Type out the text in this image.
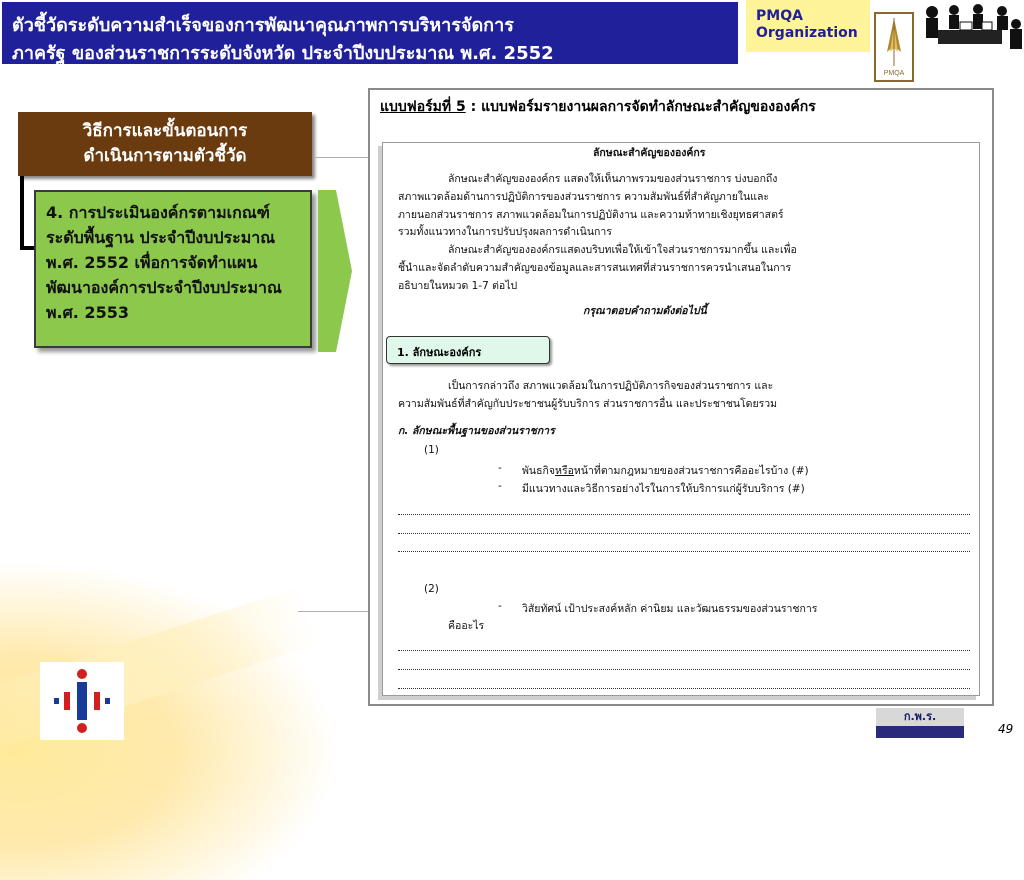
ตัวชี้วัดระดับความสำเร็จของการพัฒนาคุณภาพการบริหารจัดการ
ภาครัฐ ของส่วนราชการระดับจังหวัด ประจำปีงบประมาณ พ.ศ. 2552
PMQA
Organization
PMQA
วิธีการและขั้นตอนการ
ดำเนินการตามตัวชี้วัด
4. การประเมินองค์กรตามเกณฑ์ระดับพื้นฐาน ประจำปีงบประมาณ พ.ศ. 2552 เพื่อการจัดทำแผนพัฒนาองค์การประจำปีงบประมาณ พ.ศ. 2553
แบบฟอร์มที่ 5 : แบบฟอร์มรายงานผลการจัดทำลักษณะสำคัญขององค์กร
ลักษณะสำคัญขององค์กร
ลักษณะสำคัญขององค์กร แสดงให้เห็นภาพรวมของส่วนราชการ บ่งบอกถึง
สภาพแวดล้อมด้านการปฏิบัติการของส่วนราชการ ความสัมพันธ์ที่สำคัญภายในและ
ภายนอกส่วนราชการ สภาพแวดล้อมในการปฏิบัติงาน และความท้าทายเชิงยุทธศาสตร์
รวมทั้งแนวทางในการปรับปรุงผลการดำเนินการ
ลักษณะสำคัญขององค์กรแสดงบริบทเพื่อให้เข้าใจส่วนราชการมากขึ้น และเพื่อ
ชี้นำและจัดลำดับความสำคัญของข้อมูลและสารสนเทศที่ส่วนราชการควรนำเสนอในการ
อธิบายในหมวด 1-7 ต่อไป
กรุณาตอบคำถามดังต่อไปนี้
1. ลักษณะองค์กร
เป็นการกล่าวถึง สภาพแวดล้อมในการปฏิบัติภารกิจของส่วนราชการ และ
ความสัมพันธ์ที่สำคัญกับประชาชนผู้รับบริการ ส่วนราชการอื่น และประชาชนโดยรวม
ก. ลักษณะพื้นฐานของส่วนราชการ
(1)
- พันธกิจหรือหน้าที่ตามกฎหมายของส่วนราชการคืออะไรบ้าง (#)
- มีแนวทางและวิธีการอย่างไรในการให้บริการแก่ผู้รับบริการ (#)
(2)
- วิสัยทัศน์ เป้าประสงค์หลัก ค่านิยม และวัฒนธรรมของส่วนราชการ
คืออะไร
ก.พ.ร.
49
